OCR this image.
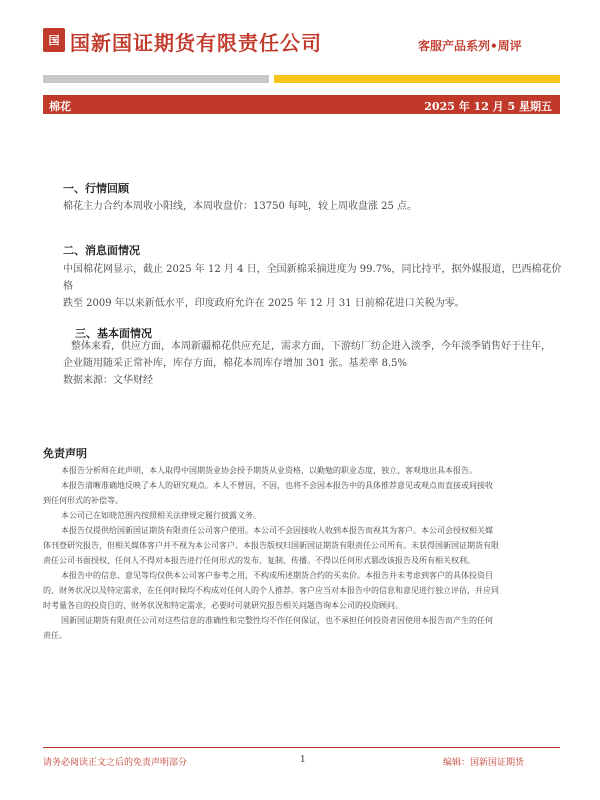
国 国新国证期货有限责任公司	客服产品系列•周评
棉花	2025 年 12 月 5 星期五
一、行情回顾
棉花主力合约本周收小阳线，本周收盘价：13750 每吨，较上周收盘涨 25 点。
二、消息面情况
中国棉花网显示，截止 2025 年 12 月 4 日，全国新棉采摘进度为 99.7%，同比持平，据外媒报道，巴西棉花价格
跌至 2009 年以来新低水平，印度政府允许在 2025 年 12 月 31 日前棉花进口关税为零。
三、基本面情况
整体来看，供应方面，本周新疆棉花供应充足，需求方面，下游纺厂纺企进入淡季，今年淡季销售好于往年，
企业随用随采正常补库，库存方面，棉花本周库存增加 301 张。基差率 8.5%
数据来源：文华财经
免责声明
本报告分析师在此声明，本人取得中国期货业协会授予期货从业资格，以勤勉的职业态度，独立、客观地出具本报告。
本报告清晰准确地反映了本人的研究观点。本人不曾因，不因，也将不会因本报告中的具体推荐意见或观点而直接或间接收
到任何形式的补偿等。
本公司已在如晓范围内按照相关法律规定履行披露义务。
本报告仅提供给国新国证期货有限责任公司客户使用。本公司不会因接收人收到本报告而视其为客户。本公司会授权相关媒
体刊登研究报告，但相关媒体客户并不视为本公司客户。本报告版权归国新国证期货有限责任公司所有。未获得国新国证期货有限
责任公司书面授权，任何人不得对本报告进行任何形式的发布、复制、传播。不得以任何形式篡改该报告及所有相关权利。
本报告中的信息、意见等均仅供本公司客户参考之用，不构成所述期货合约的买卖价。本报告并未考虑到客户的具体投资目
的、财务状况以及特定需求，在任何时候均不构成对任何人的个人推荐。客户应当对本报告中的信息和意见进行独立评估，并应同
时考量各自的投资目的、财务状况和特定需求，必要时可就研究报告相关问题咨询本公司的投资顾问。
国新国证期货有限责任公司对这些信息的准确性和完整性均不作任何保证，也不承担任何投资者因使用本报告而产生的任何
责任。
请务必阅读正文之后的免责声明部分	1	编辑：国新国证期货
